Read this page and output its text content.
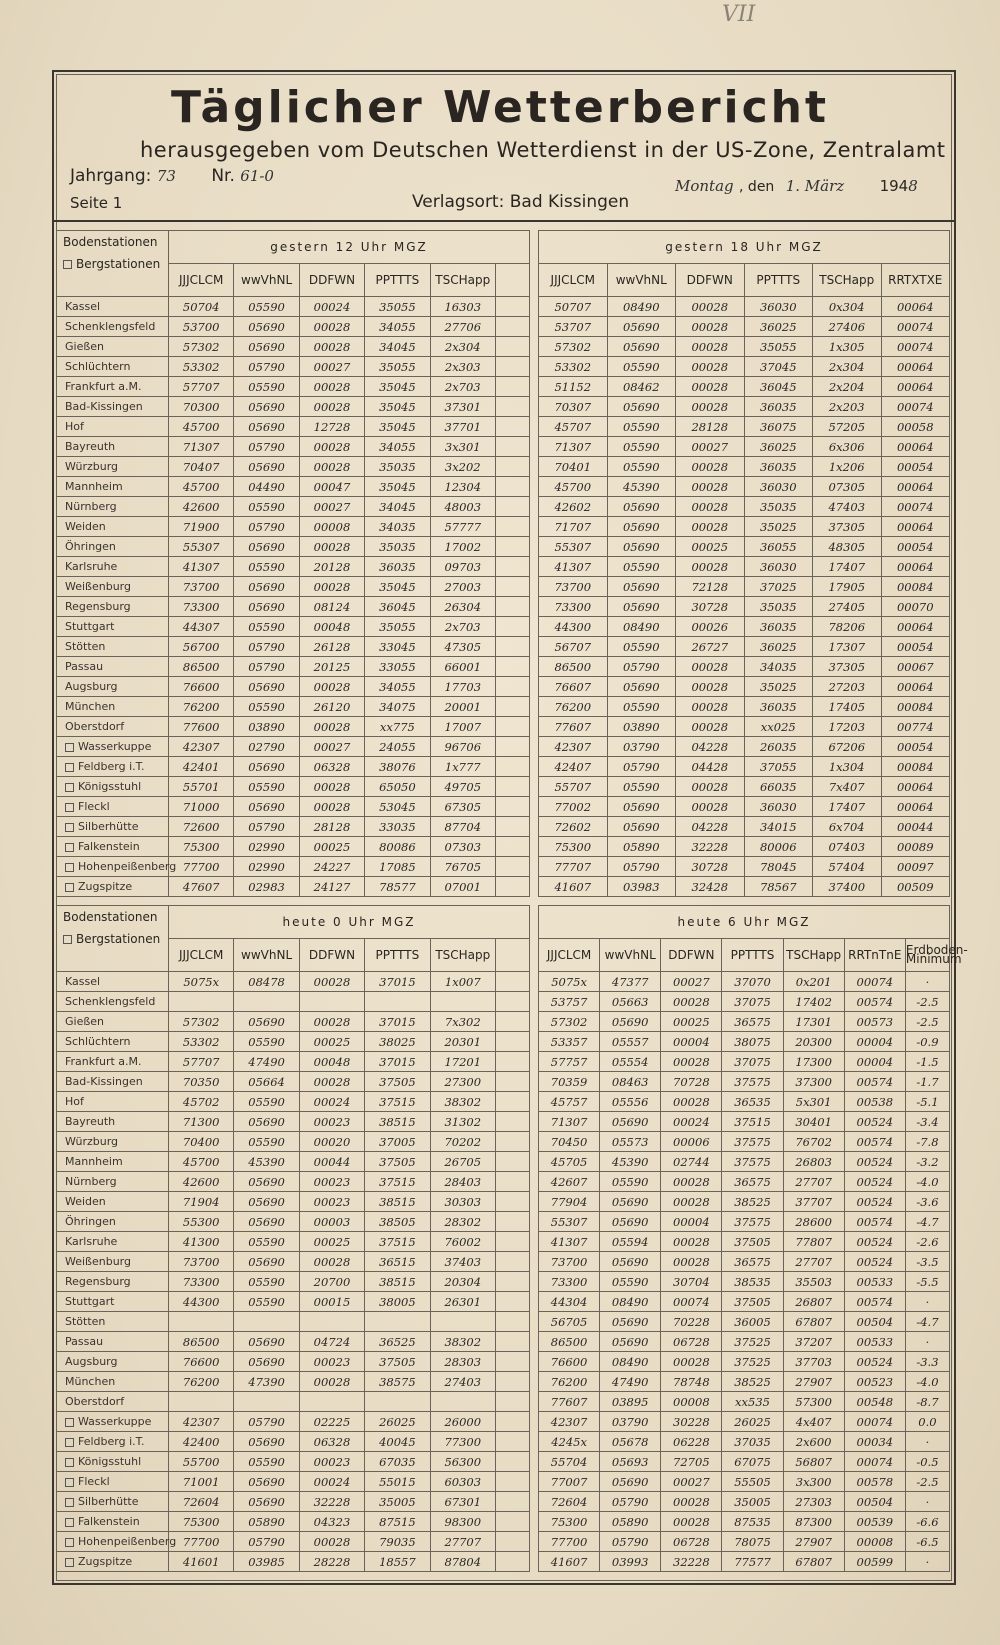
VII
Täglicher Wetterbericht
herausgegeben vom Deutschen Wetterdienst in der US-Zone, Zentralamt
Jahrgang: 73 Nr. 61-0
Seite 1	Verlagsort: Bad Kissingen
Montag , den 1. März 1948
Bodenstationen
Bergstationen	gestern 12 Uhr MGZ					
	JJJCLCM	wwVhNL	DDFWN	PPTTTS	TSCHapp	
Kassel	50704	05590	00024	35055	16303	
Schenklengsfeld	53700	05690	00028	34055	27706	
Gießen	57302	05690	00028	34045	2x304	
Schlüchtern	53302	05790	00027	35055	2x303	
Frankfurt a.M.	57707	05590	00028	35045	2x703	
Bad-Kissingen	70300	05690	00028	35045	37301	
Hof	45700	05690	12728	35045	37701	
Bayreuth	71307	05790	00028	34055	3x301	
Würzburg	70407	05690	00028	35035	3x202	
Mannheim	45700	04490	00047	35045	12304	
Nürnberg	42600	05590	00027	34045	48003	
Weiden	71900	05790	00008	34035	57777	
Öhringen	55307	05690	00028	35035	17002	
Karlsruhe	41307	05590	20128	36035	09703	
Weißenburg	73700	05690	00028	35045	27003	
Regensburg	73300	05690	08124	36045	26304	
Stuttgart	44307	05590	00048	35055	2x703	
Stötten	56700	05790	26128	33045	47305	
Passau	86500	05790	20125	33055	66001	
Augsburg	76600	05690	00028	34055	17703	
München	76200	05590	26120	34075	20001	
Oberstdorf	77600	03890	00028	xx775	17007	
Wasserkuppe	42307	02790	00027	24055	96706	
Feldberg i.T.	42401	05690	06328	38076	1x777	
Königsstuhl	55701	05590	00028	65050	49705	
Fleckl	71000	05690	00028	53045	67305	
Silberhütte	72600	05790	28128	33035	87704	
Falkenstein	75300	02990	00025	80086	07303	
Hohenpeißenberg	77700	02990	24227	17085	76705	
Zugspitze	47607	02983	24127	78577	07001	
gestern 18 Uhr MGZ					
JJJCLCM	wwVhNL	DDFWN	PPTTTS	TSCHapp	RRTXTXE
50707	08490	00028	36030	0x304	00064
53707	05690	00028	36025	27406	00074
57302	05690	00028	35055	1x305	00074
53302	05590	00028	37045	2x304	00064
51152	08462	00028	36045	2x204	00064
70307	05690	00028	36035	2x203	00074
45707	05590	28128	36075	57205	00058
71307	05590	00027	36025	6x306	00064
70401	05590	00028	36035	1x206	00054
45700	45390	00028	36030	07305	00064
42602	05690	00028	35035	47403	00074
71707	05690	00028	35025	37305	00064
55307	05690	00025	36055	48305	00054
41307	05590	00028	36030	17407	00064
73700	05690	72128	37025	17905	00084
73300	05690	30728	35035	27405	00070
44300	08490	00026	36035	78206	00064
56707	05590	26727	36025	17307	00054
86500	05790	00028	34035	37305	00067
76607	05690	00028	35025	27203	00064
76200	05590	00028	36035	17405	00084
77607	03890	00028	xx025	17203	00774
42307	03790	04228	26035	67206	00054
42407	05790	04428	37055	1x304	00084
55707	05590	00028	66035	7x407	00064
77002	05690	00028	36030	17407	00064
72602	05690	04228	34015	6x704	00044
75300	05890	32228	80006	07403	00089
77707	05790	30728	78045	57404	00097
41607	03983	32428	78567	37400	00509
Bodenstationen
Bergstationen	heute 0 Uhr MGZ					
	JJJCLCM	wwVhNL	DDFWN	PPTTTS	TSCHapp	
Kassel	5075x	08478	00028	37015	1x007	
Schenklengsfeld						
Gießen	57302	05690	00028	37015	7x302	
Schlüchtern	53302	05590	00025	38025	20301	
Frankfurt a.M.	57707	47490	00048	37015	17201	
Bad-Kissingen	70350	05664	00028	37505	27300	
Hof	45702	05590	00024	37515	38302	
Bayreuth	71300	05690	00023	38515	31302	
Würzburg	70400	05590	00020	37005	70202	
Mannheim	45700	45390	00044	37505	26705	
Nürnberg	42600	05690	00023	37515	28403	
Weiden	71904	05690	00023	38515	30303	
Öhringen	55300	05690	00003	38505	28302	
Karlsruhe	41300	05590	00025	37515	76002	
Weißenburg	73700	05690	00028	36515	37403	
Regensburg	73300	05590	20700	38515	20304	
Stuttgart	44300	05590	00015	38005	26301	
Stötten						
Passau	86500	05690	04724	36525	38302	
Augsburg	76600	05690	00023	37505	28303	
München	76200	47390	00028	38575	27403	
Oberstdorf						
Wasserkuppe	42307	05790	02225	26025	26000	
Feldberg i.T.	42400	05690	06328	40045	77300	
Königsstuhl	55700	05590	00023	67035	56300	
Fleckl	71001	05690	00024	55015	60303	
Silberhütte	72604	05690	32228	35005	67301	
Falkenstein	75300	05890	04323	87515	98300	
Hohenpeißenberg	77700	05790	00028	79035	27707	
Zugspitze	41601	03985	28228	18557	87804	
heute 6 Uhr MGZ						
JJJCLCM	wwVhNL	DDFWN	PPTTTS	TSCHapp	RRTnTnE	Erdboden-Minimum
5075x	47377	00027	37070	0x201	00074	·
53757	05663	00028	37075	17402	00574	-2.5
57302	05690	00025	36575	17301	00573	-2.5
53357	05557	00004	38075	20300	00004	-0.9
57757	05554	00028	37075	17300	00004	-1.5
70359	08463	70728	37575	37300	00574	-1.7
45757	05556	00028	36535	5x301	00538	-5.1
71307	05690	00024	37515	30401	00524	-3.4
70450	05573	00006	37575	76702	00574	-7.8
45705	45390	02744	37575	26803	00524	-3.2
42607	05590	00028	36575	27707	00524	-4.0
77904	05690	00028	38525	37707	00524	-3.6
55307	05690	00004	37575	28600	00574	-4.7
41307	05594	00028	37505	77807	00524	-2.6
73700	05690	00028	36575	27707	00524	-3.5
73300	05590	30704	38535	35503	00533	-5.5
44304	08490	00074	37505	26807	00574	·
56705	05690	70228	36005	67807	00504	-4.7
86500	05690	06728	37525	37207	00533	·
76600	08490	00028	37525	37703	00524	-3.3
76200	47490	78748	38525	27907	00523	-4.0
77607	03895	00008	xx535	57300	00548	-8.7
42307	03790	30228	26025	4x407	00074	0.0
4245x	05678	06228	37035	2x600	00034	·
55704	05693	72705	67075	56807	00074	-0.5
77007	05690	00027	55505	3x300	00578	-2.5
72604	05790	00028	35005	27303	00504	·
75300	05890	00028	87535	87300	00539	-6.6
77700	05790	06728	78075	27907	00008	-6.5
41607	03993	32228	77577	67807	00599	·
